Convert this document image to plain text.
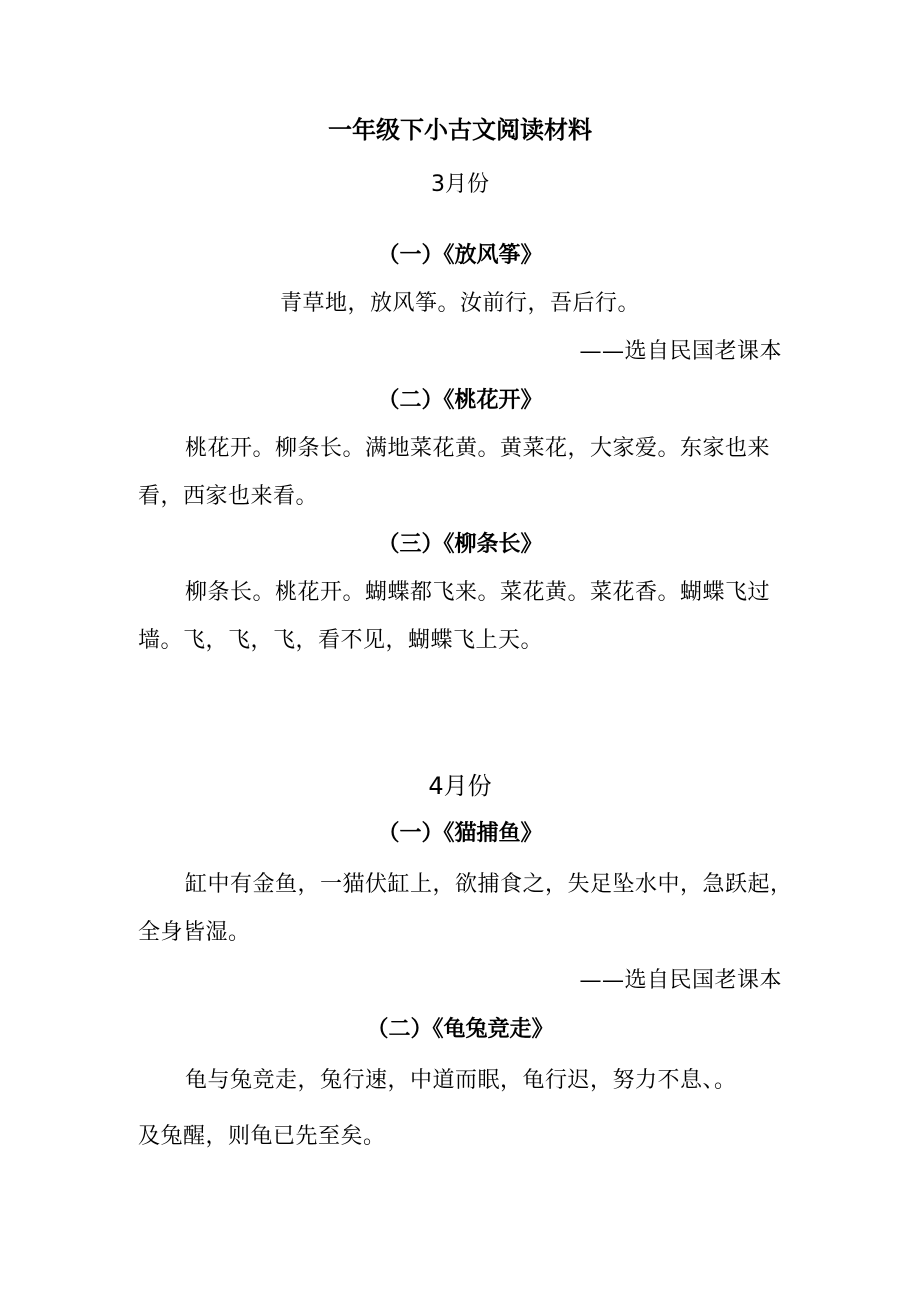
一年级下小古文阅读材料
3月份
（一）《放风筝》
青草地，放风筝。汝前行，吾后行。
——选自民国老课本
（二）《桃花开》
桃花开。柳条长。满地菜花黄。黄菜花，大家爱。东家也来
看，西家也来看。
（三）《柳条长》
柳条长。桃花开。蝴蝶都飞来。菜花黄。菜花香。蝴蝶飞过
墙。飞，飞，飞，看不见，蝴蝶飞上天。
4月份
（一）《猫捕鱼》
缸中有金鱼，一猫伏缸上，欲捕食之，失足坠水中，急跃起，
全身皆湿。
——选自民国老课本
（二）《龟兔竞走》
龟与兔竞走，兔行速，中道而眠，龟行迟，努力不息、。
及兔醒，则龟已先至矣。
